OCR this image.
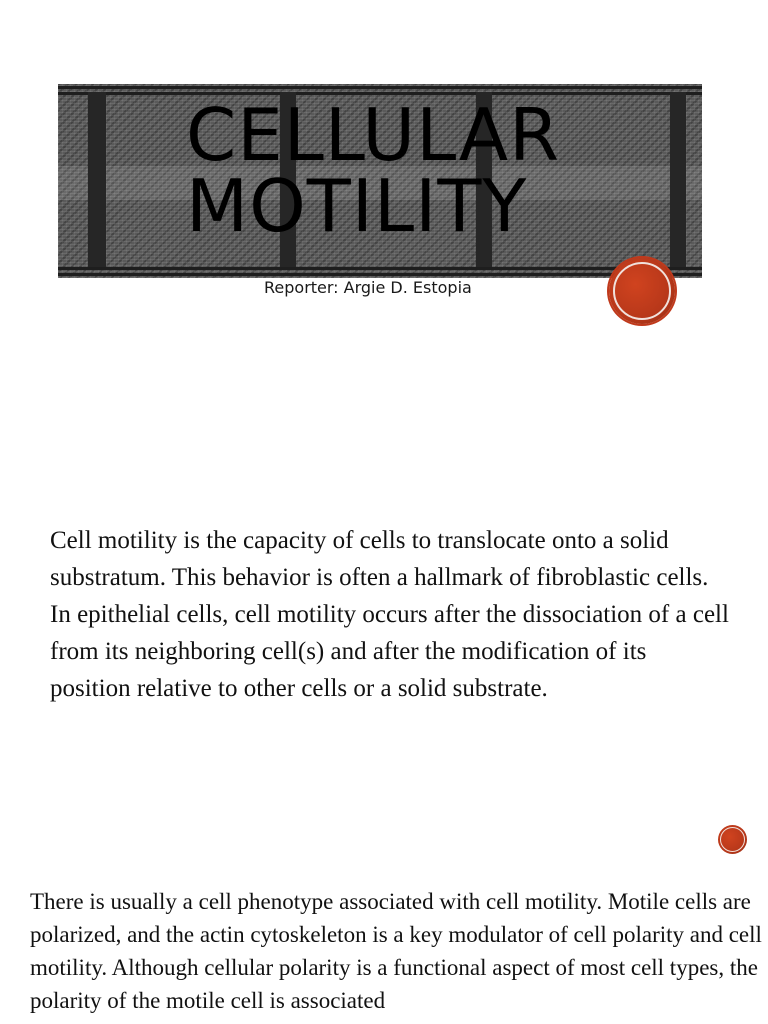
CELLULAR
MOTILITY
Reporter: Argie D. Estopia

Cell motility is the capacity of cells to translocate onto a solid substratum. This behavior is often a hallmark of fibroblastic cells. In epithelial cells, cell motility occurs after the dissociation of a cell from its neighboring cell(s) and after the modification of its position relative to other cells or a solid substrate.

There is usually a cell phenotype associated with cell motility. Motile cells are polarized, and the actin cytoskeleton is a key modulator of cell polarity and cell motility. Although cellular polarity is a functional aspect of most cell types, the polarity of the motile cell is associated
